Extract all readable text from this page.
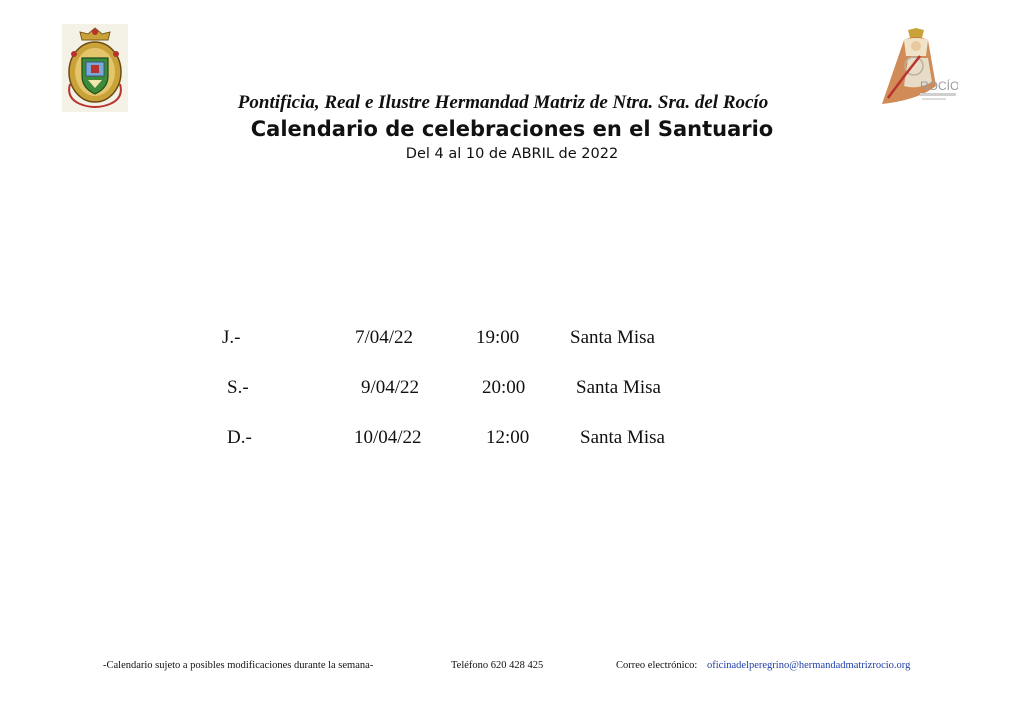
ROCÍO
Pontificia, Real e Ilustre Hermandad Matriz de Ntra. Sra. del Rocío
Calendario de celebraciones en el Santuario
Del 4 al 10 de ABRIL de 2022
J.-	7/04/22	19:00	Santa Misa
S.-	9/04/22	20:00	Santa Misa
D.-	10/04/22	12:00	Santa Misa
-Calendario sujeto a posibles modificaciones durante la semana-	Teléfono 620 428 425	Correo electrónico: oficinadelperegrino@hermandadmatrizrocio.org
